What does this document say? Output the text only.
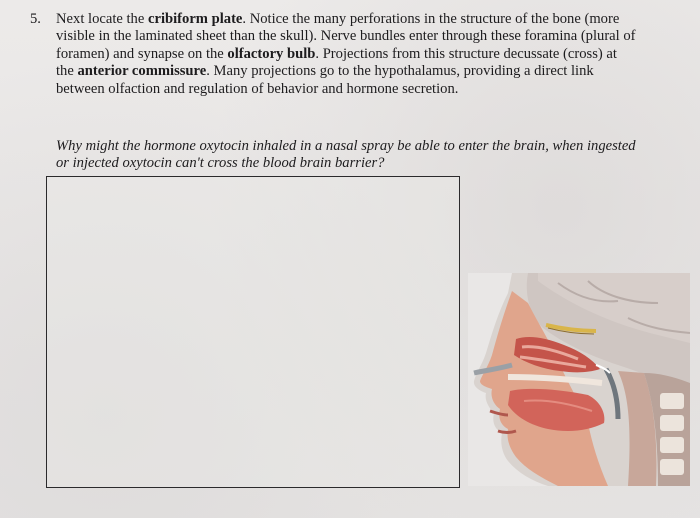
5. Next locate the cribiform plate. Notice the many perforations in the structure of the bone (more visible in the laminated sheet than the skull). Nerve bundles enter through these foramina (plural of foramen) and synapse on the olfactory bulb. Projections from this structure decussate (cross) at the anterior commissure. Many projections go to the hypothalamus, providing a direct link between olfaction and regulation of behavior and hormone secretion.

Why might the hormone oxytocin inhaled in a nasal spray be able to enter the brain, when ingested or injected oxytocin can't cross the blood brain barrier?
